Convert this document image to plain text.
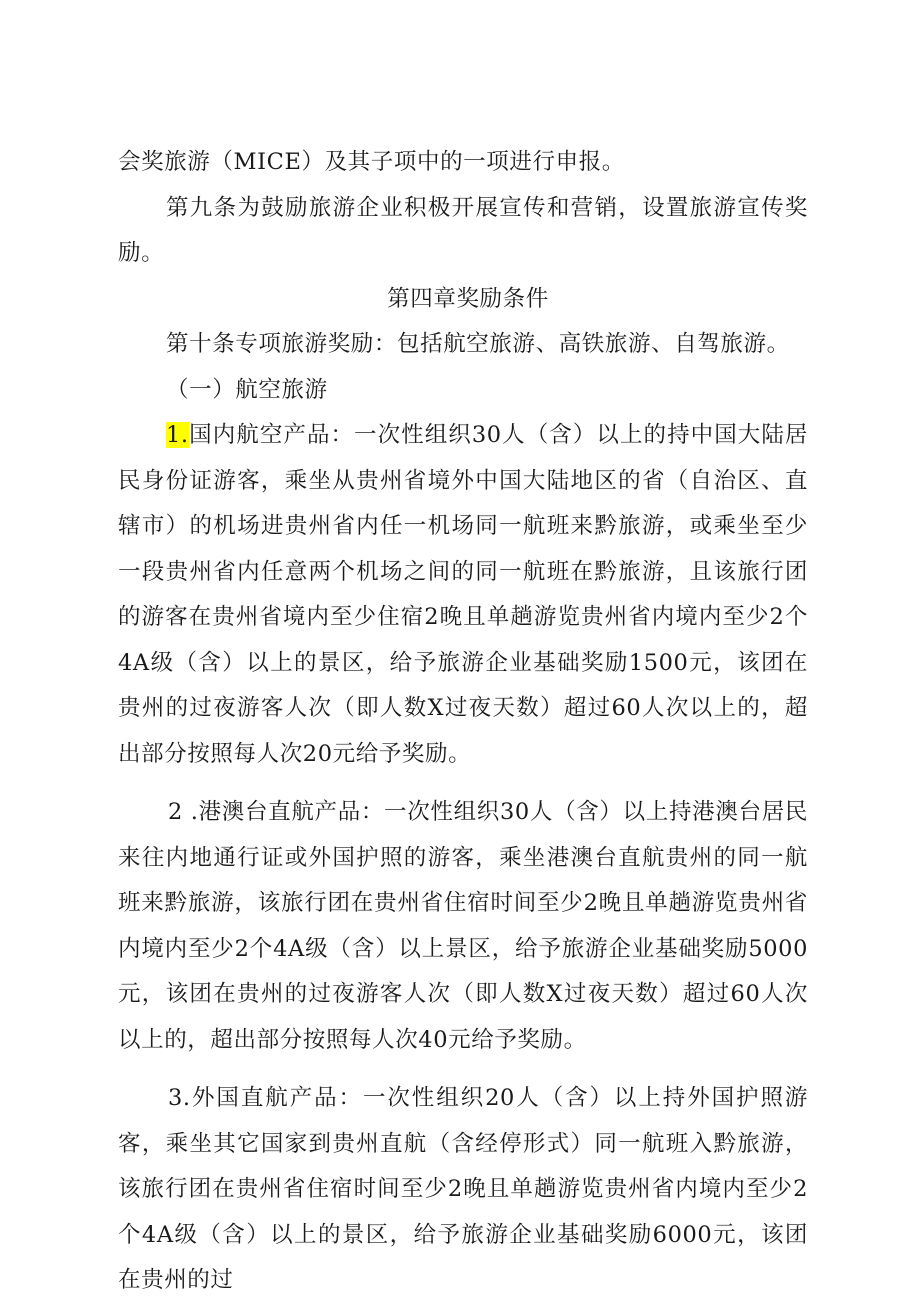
会奖旅游（MICE）及其子项中的一项进行申报。

第九条为鼓励旅游企业积极开展宣传和营销，设置旅游宣传奖励。

第四章奖励条件

第十条专项旅游奖励：包括航空旅游、高铁旅游、自驾旅游。

（一）航空旅游

1.国内航空产品：一次性组织30人（含）以上的持中国大陆居民身份证游客，乘坐从贵州省境外中国大陆地区的省（自治区、直辖市）的机场进贵州省内任一机场同一航班来黔旅游，或乘坐至少一段贵州省内任意两个机场之间的同一航班在黔旅游，且该旅行团的游客在贵州省境内至少住宿2晚且单趟游览贵州省内境内至少2个4A级（含）以上的景区，给予旅游企业基础奖励1500元，该团在贵州的过夜游客人次（即人数X过夜天数）超过60人次以上的，超出部分按照每人次20元给予奖励。

2 .港澳台直航产品：一次性组织30人（含）以上持港澳台居民来往内地通行证或外国护照的游客，乘坐港澳台直航贵州的同一航班来黔旅游，该旅行团在贵州省住宿时间至少2晚且单趟游览贵州省内境内至少2个4A级（含）以上景区，给予旅游企业基础奖励5000元，该团在贵州的过夜游客人次（即人数X过夜天数）超过60人次以上的，超出部分按照每人次40元给予奖励。

3.外国直航产品：一次性组织20人（含）以上持外国护照游客，乘坐其它国家到贵州直航（含经停形式）同一航班入黔旅游，该旅行团在贵州省住宿时间至少2晚且单趟游览贵州省内境内至少2个4A级（含）以上的景区，给予旅游企业基础奖励6000元，该团在贵州的过
